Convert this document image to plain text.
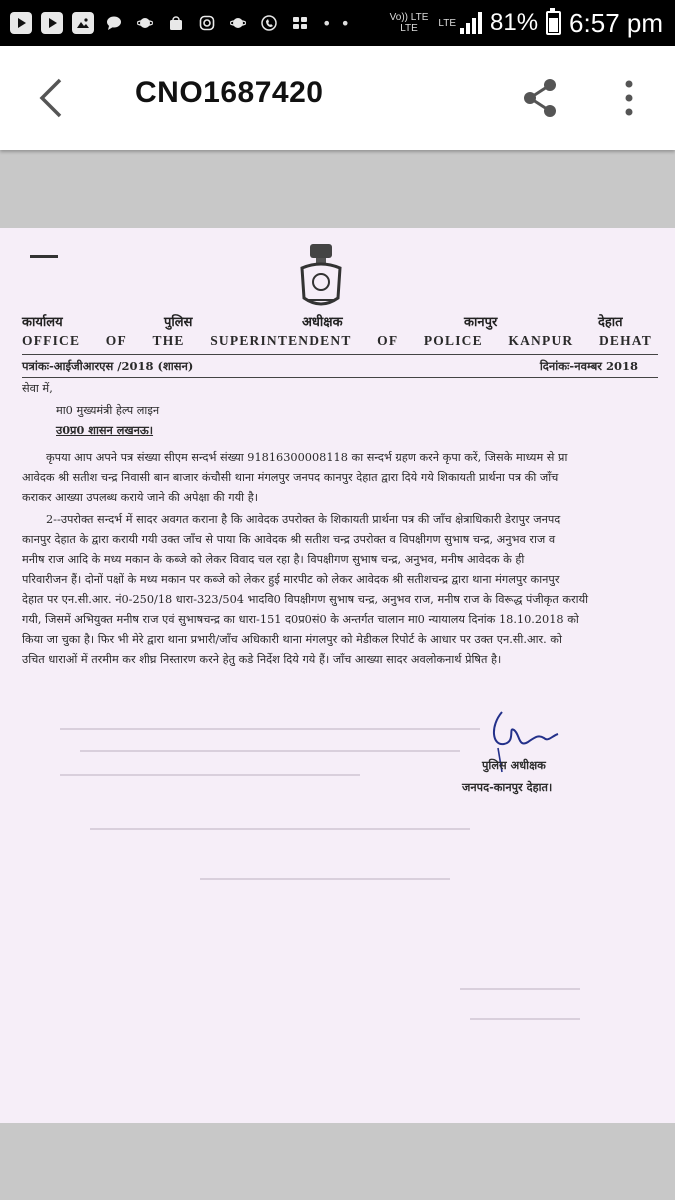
• •	Vo)) LTE
LTE	LTE 81% 6:57 pm
CNO1687420
कार्यालय	पुलिस	अधीक्षक	कानपुर	देहात
OFFICE OF THE SUPERINTENDENT OF POLICE KANPUR DEHAT
पत्रांकः-आईजीआरएस /2018 (शासन)	दिनांकः-नवम्बर 2018
सेवा में,
मा0 मुख्यमंत्री हेल्प लाइन
उ0प्र0 शासन लखनऊ।
कृपया आप अपने पत्र संख्या सीएम सन्दर्भ संख्या 91816300008118 का सन्दर्भ ग्रहण करने कृपा करें, जिसके माध्यम से प्रा
आवेदक श्री सतीश चन्द्र निवासी बान बाजार कंचौसी थाना मंगलपुर जनपद कानपुर देहात द्वारा दिये गये शिकायती प्रार्थना पत्र की जाँच
कराकर आख्या उपलब्ध कराये जाने की अपेक्षा की गयी है।
2--उपरोक्त सन्दर्भ में सादर अवगत कराना है कि आवेदक उपरोक्त के शिकायती प्रार्थना पत्र की जाँच क्षेत्राधिकारी डेरापुर जनपद
कानपुर देहात के द्वारा करायी गयी उक्त जाँच से पाया कि आवेदक श्री सतीश चन्द्र उपरोक्त व विपक्षीगण सुभाष चन्द्र, अनुभव राज व
मनीष राज आदि के मध्य मकान के कब्जे को लेकर विवाद चल रहा है। विपक्षीगण सुभाष चन्द्र, अनुभव, मनीष आवेदक के ही
परिवारीजन हैं। दोनों पक्षों के मध्य मकान पर कब्जे को लेकर हुई मारपीट को लेकर आवेदक श्री सतीशचन्द्र द्वारा थाना मंगलपुर कानपुर
देहात पर एन.सी.आर. नं0-250/18 धारा-323/504 भादवि0 विपक्षीगण सुभाष चन्द्र, अनुभव राज, मनीष राज के विरूद्ध पंजीकृत करायी
गयी, जिसमें अभियुक्त मनीष राज एवं सुभाषचन्द्र का धारा-151 द0प्र0सं0 के अन्तर्गत चालान मा0 न्यायालय दिनांक 18.10.2018 को
किया जा चुका है। फिर भी मेरे द्वारा थाना प्रभारी/जाँच अधिकारी थाना मंगलपुर को मेडीकल रिपोर्ट के आधार पर उक्त एन.सी.आर. को
उचित धाराओं में तरमीम कर शीघ्र निस्तारण करने हेतु कडे निर्देश दिये गये हैं। जाँच आख्या सादर अवलोकनार्थ प्रेषित है।
पुलिस अधीक्षक
जनपद-कानपुर देहात।
